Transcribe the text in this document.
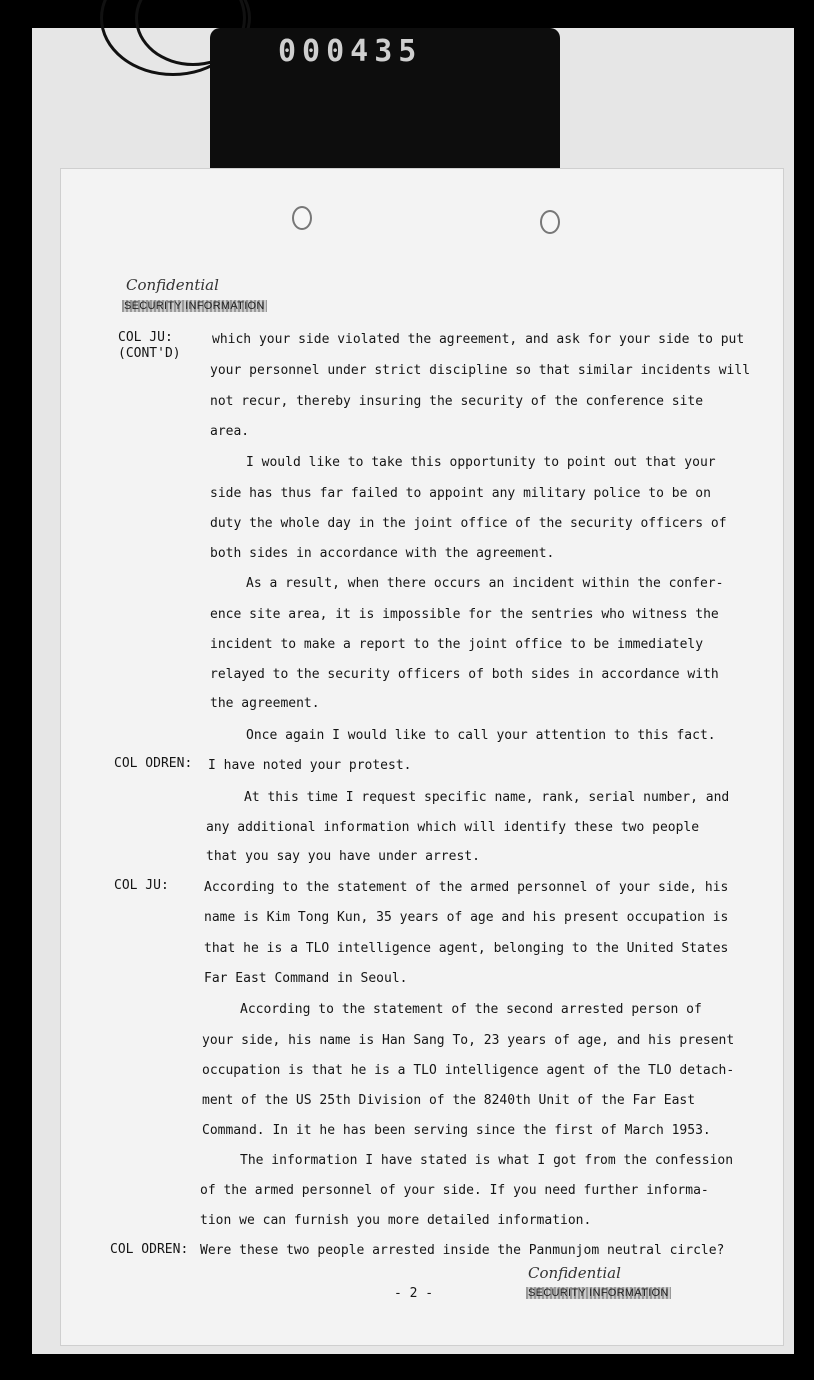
000435
Confidential
SECURITY INFORMATION
COL JU:
(CONT'D)
COL ODREN:
COL JU:
COL ODREN:
which your side violated the agreement, and ask for your side to put
your personnel under strict discipline so that similar incidents will
not recur, thereby insuring the security of the conference site
area.
I would like to take this opportunity to point out that your
side has thus far failed to appoint any military police to be on
duty the whole day in the joint office of the security officers of
both sides in accordance with the agreement.
As a result, when there occurs an incident within the confer-
ence site area, it is impossible for the sentries who witness the
incident to make a report to the joint office to be immediately
relayed to the security officers of both sides in accordance with
the agreement.
Once again I would like to call your attention to this fact.
I have noted your protest.
At this time I request specific name, rank, serial number, and
any additional information which will identify these two people
that you say you have under arrest.
According to the statement of the armed personnel of your side, his
name is Kim Tong Kun, 35 years of age and his present occupation is
that he is a TLO intelligence agent, belonging to the United States
Far East Command in Seoul.
According to the statement of the second arrested person of
your side, his name is Han Sang To, 23 years of age, and his present
occupation is that he is a TLO intelligence agent of the TLO detach-
ment of the US 25th Division of the 8240th Unit of the Far East
Command. In it he has been serving since the first of March 1953.
The information I have stated is what I got from the confession
of the armed personnel of your side. If you need further informa-
tion we can furnish you more detailed information.
Were these two people arrested inside the Panmunjom neutral circle?
- 2 -
Confidential
SECURITY INFORMATION
